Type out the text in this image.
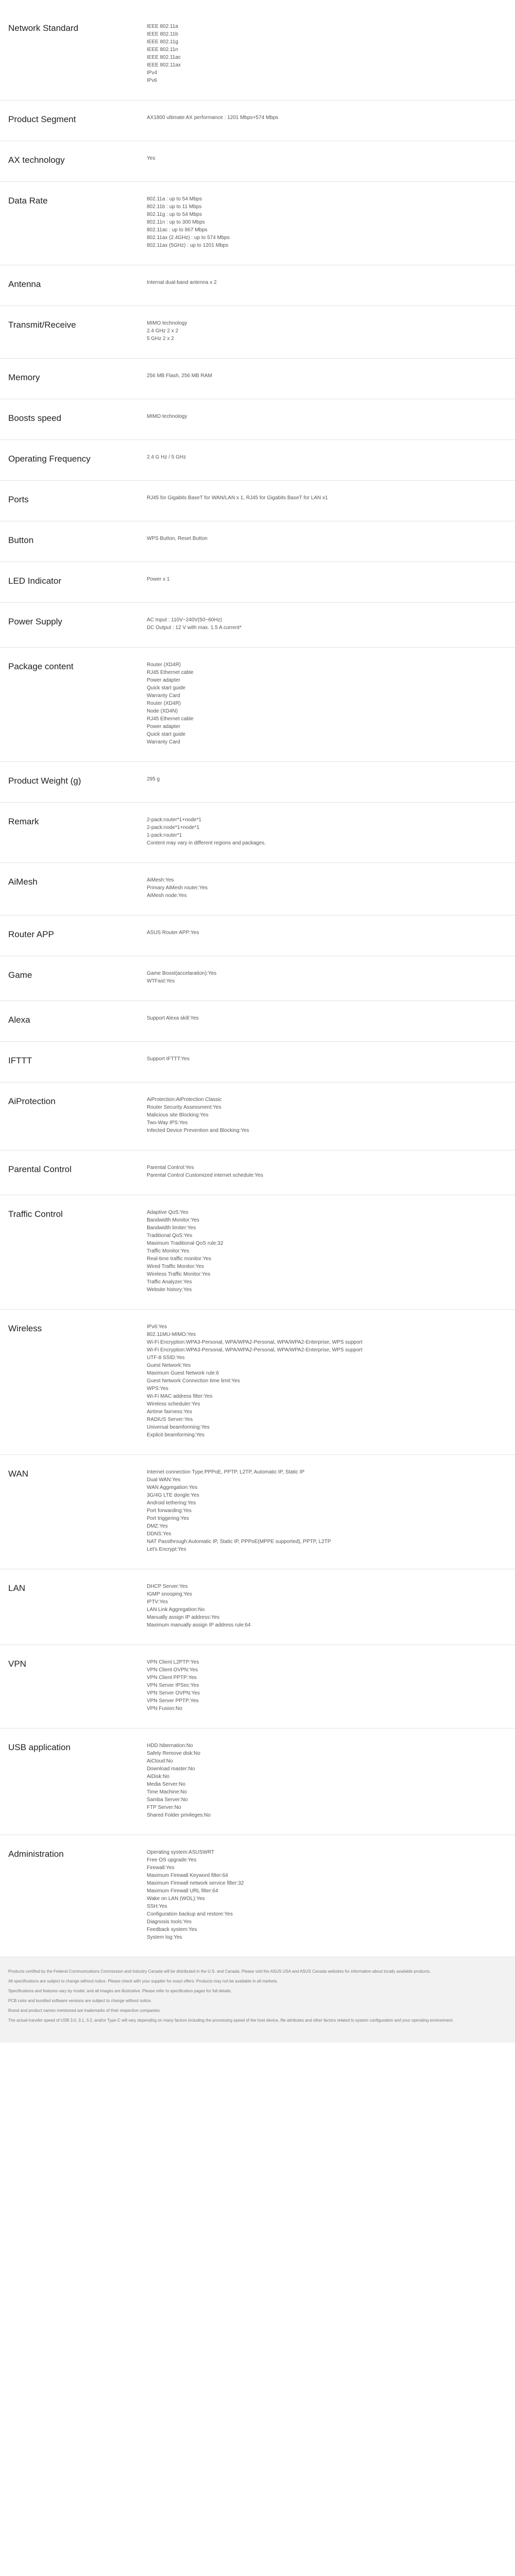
Network Standard	IEEE 802.11a
IEEE 802.11b
IEEE 802.11g
IEEE 802.11n
IEEE 802.11ac
IEEE 802.11ax
IPv4
IPv6
Product Segment	AX1800 ultimate AX performance : 1201 Mbps+574 Mbps
AX technology	Yes
Data Rate	802.11a : up to 54 Mbps
802.11b : up to 11 Mbps
802.11g : up to 54 Mbps
802.11n : up to 300 Mbps
802.11ac : up to 867 Mbps
802.11ax (2.4GHz) : up to 574 Mbps
802.11ax (5GHz) : up to 1201 Mbps
Antenna	Internal dual-band antenna x 2
Transmit/Receive	MIMO technology
2.4 GHz 2 x 2
5 GHz 2 x 2
Memory	256 MB Flash, 256 MB RAM
Boosts speed	MIMO technology
Operating Frequency	2.4 G Hz / 5 GHz
Ports	RJ45 for Gigabits BaseT for WAN/LAN x 1, RJ45 for Gigabits BaseT for LAN x1
Button	WPS Button, Reset Button
LED Indicator	Power x 1
Power Supply	AC Input : 110V~240V(50~60Hz)
DC Output : 12 V with max. 1.5 A current*
Package content	Router (XD4R)
RJ45 Ethernet cable
Power adapter
Quick start guide
Warranty Card
Router (XD4R)
Node (XD4N)
RJ45 Ethernet cable
Power adapter
Quick start guide
Warranty Card
Product Weight (g)	295 g
Remark	2-pack:router*1+node*1
2-pack:node*1+node*1
1-pack:router*1
Content may vary in different regions and packages.
AiMesh	AiMesh:Yes
Primary AiMesh router:Yes
AiMesh node:Yes
Router APP	ASUS Router APP:Yes
Game	Game Boost(accelaration):Yes
WTFast:Yes
Alexa	Support Alexa skill:Yes
IFTTT	Support IFTTT:Yes
AiProtection	AiProtection:AiProtection Classic
Router Security Assessment:Yes
Malicious site Blocking:Yes
Two-Way IPS:Yes
Infected Device Prevention and Blocking:Yes
Parental Control	Parental Control:Yes
Parental Control Customized internet schedule:Yes
Traffic Control	Adaptive QoS:Yes
Bandwidth Monitor:Yes
Bandwidth limiter:Yes
Traditional QoS:Yes
Maximum Traditional QoS rule:32
Traffic Monitor:Yes
Real-time traffic monitor:Yes
Wired Traffic Monitor:Yes
Wireless Traffic Monitor:Yes
Traffic Analyzer:Yes
Website history:Yes
Wireless	IPv6:Yes
802.11MU-MIMO:Yes
Wi-Fi Encryption:WPA3-Personal, WPA/WPA2-Personal, WPA/WPA2-Enterprise, WPS support
Wi-Fi Encryption:WPA3-Personal, WPA/WPA2-Personal, WPA/WPA2-Enterprise, WPS support
UTF-8 SSID:Yes
Guest Network:Yes
Maximum Guest Network rule:6
Guest Network Connection time limit:Yes
WPS:Yes
Wi-Fi MAC address filter:Yes
Wireless scheduler:Yes
Airtime fairness:Yes
RADIUS Server:Yes
Universal beamforming:Yes
Explicit beamforming:Yes
WAN	Internet connection Type:PPPoE, PPTP, L2TP, Automatic IP, Static IP
Dual WAN:Yes
WAN Aggregation:Yes
3G/4G LTE dongle:Yes
Android tethering:Yes
Port forwarding:Yes
Port triggering:Yes
DMZ:Yes
DDNS:Yes
NAT Passthrough:Automatic IP, Static IP, PPPoE(MPPE supported), PPTP, L2TP
Let's Encrypt:Yes
LAN	DHCP Server:Yes
IGMP snooping:Yes
IPTV:Yes
LAN Link Aggregation:No
Manually assign IP address:Yes
Maximum manually assign IP address rule:64
VPN	VPN Client L2PTP:Yes
VPN Client OVPN:Yes
VPN Client PPTP:Yes
VPN Server IPSec:Yes
VPN Server OVPN:Yes
VPN Server PPTP:Yes
VPN Fusion:No
USB application	HDD hibernation:No
Safely Remove disk:No
AiCloud:No
Download master:No
AiDisk:No
Media Server:No
Time Machine:No
Samba Server:No
FTP Server:No
Shared Folder privileges:No
Administration	Operating system:ASUSWRT
Free OS upgrade:Yes
Firewall:Yes
Maximum Firewall Keyword filter:64
Maximum Firewall network service filter:32
Maximum Firewall URL filter:64
Wake on LAN (WOL):Yes
SSH:Yes
Configuration backup and restore:Yes
Diagnosis tools:Yes
Feedback system:Yes
System log:Yes
Products certified by the Federal Communications Commission and Industry Canada will be distributed in the U.S. and Canada. Please visit the ASUS USA and ASUS Canada websites for information about locally available products.
All specifications are subject to change without notice. Please check with your supplier for exact offers. Products may not be available in all markets.
Specifications and features vary by model, and all images are illustrative. Please refer to specification pages for full details.
PCB color and bundled software versions are subject to change without notice.
Brand and product names mentioned are trademarks of their respective companies.
The actual transfer speed of USB 3.0, 3.1, 3.2, and/or Type-C will vary depending on many factors including the processing speed of the host device, file attributes and other factors related to system configuration and your operating environment.
